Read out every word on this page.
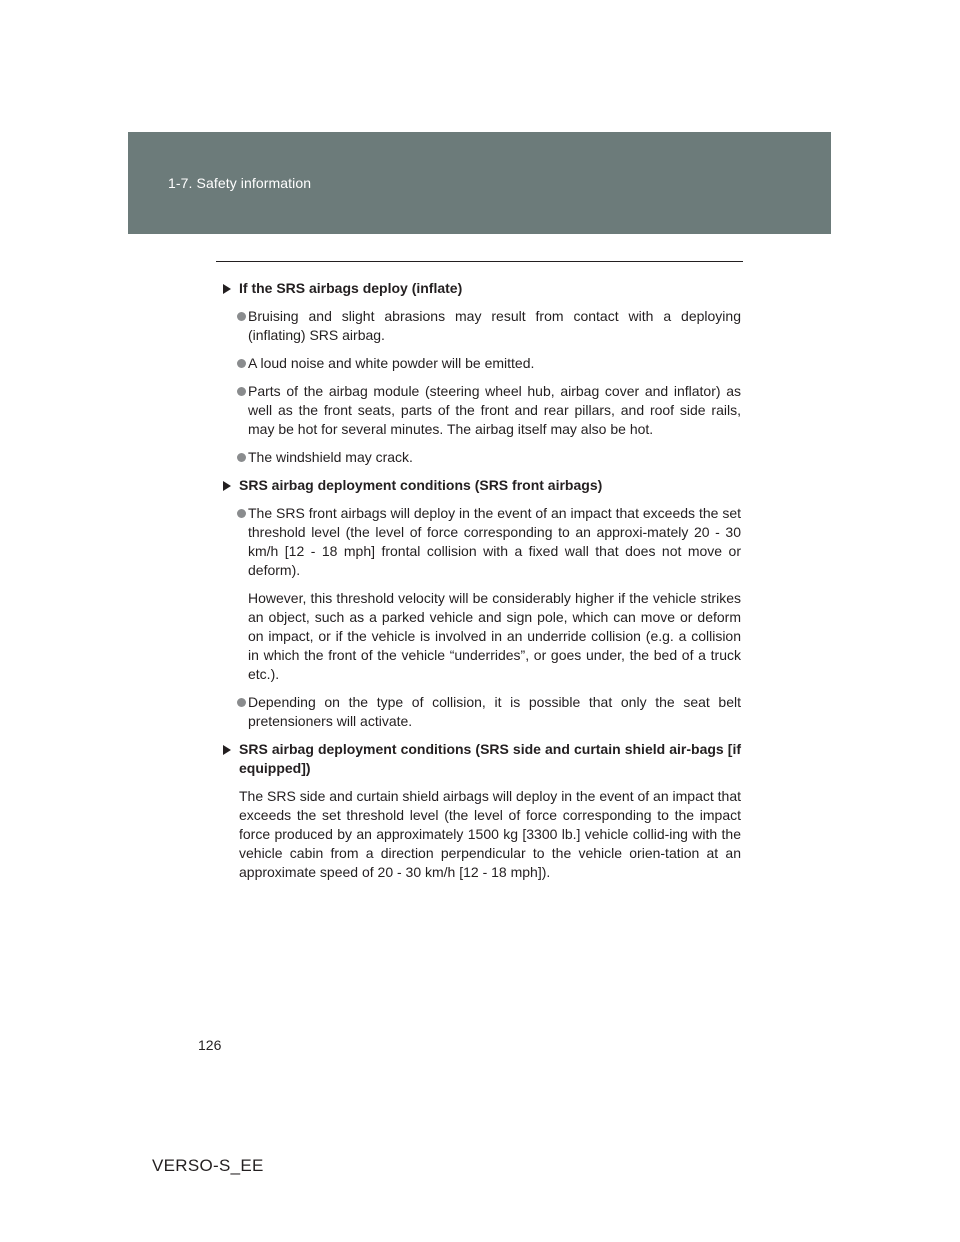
1-7. Safety information
If the SRS airbags deploy (inflate)
Bruising and slight abrasions may result from contact with a deploying (inflating) SRS airbag.
A loud noise and white powder will be emitted.
Parts of the airbag module (steering wheel hub, airbag cover and inflator) as well as the front seats, parts of the front and rear pillars, and roof side rails, may be hot for several minutes. The airbag itself may also be hot.
The windshield may crack.
SRS airbag deployment conditions (SRS front airbags)
The SRS front airbags will deploy in the event of an impact that exceeds the set threshold level (the level of force corresponding to an approxi-mately 20 - 30 km/h [12 - 18 mph] frontal collision with a fixed wall that does not move or deform).
However, this threshold velocity will be considerably higher if the vehicle strikes an object, such as a parked vehicle and sign pole, which can move or deform on impact, or if the vehicle is involved in an underride collision (e.g. a collision in which the front of the vehicle “underrides”, or goes under, the bed of a truck etc.).
Depending on the type of collision, it is possible that only the seat belt pretensioners will activate.
SRS airbag deployment conditions (SRS side and curtain shield air-bags [if equipped])
The SRS side and curtain shield airbags will deploy in the event of an impact that exceeds the set threshold level (the level of force corresponding to the impact force produced by an approximately 1500 kg [3300 lb.] vehicle collid-ing with the vehicle cabin from a direction perpendicular to the vehicle orien-tation at an approximate speed of 20 - 30 km/h [12 - 18 mph]).
126
VERSO-S_EE
